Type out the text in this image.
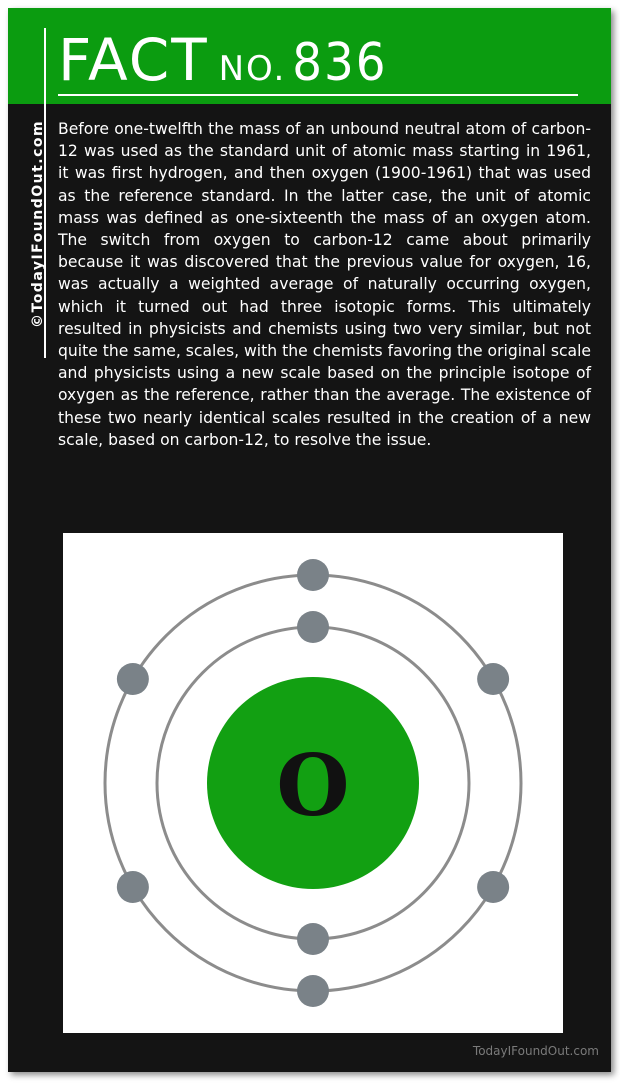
FACT NO. 836
©TodayIFoundOut.com Before one-twelfth the mass of an unbound neutral atom of carbon-12 was used as the standard unit of atomic mass starting in 1961, it was first hydrogen, and then oxygen (1900-1961) that was used as the reference standard. In the latter case, the unit of atomic mass was defined as one-sixteenth the mass of an oxygen atom. The switch from oxygen to carbon-12 came about primarily because it was discovered that the previous value for oxygen, 16, was actually a weighted average of naturally occurring oxygen, which it turned out had three isotopic forms. This ultimately resulted in physicists and chemists using two very similar, but not quite the same, scales, with the chemists favoring the original scale and physicists using a new scale based on the principle isotope of oxygen as the reference, rather than the average. The existence of these two nearly identical scales resulted in the creation of a new scale, based on carbon-12, to resolve the issue.

O
TodayIFoundOut.com
